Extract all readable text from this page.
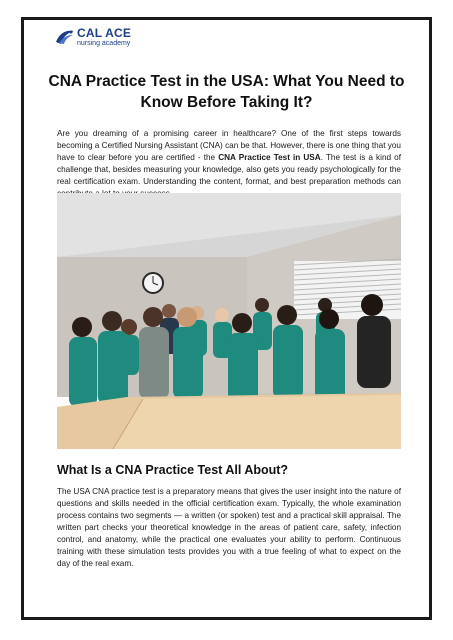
CAL ACE
nursing academy
CNA Practice Test in the USA: What You Need to Know Before Taking It?

Are you dreaming of a promising career in healthcare? One of the first steps towards becoming a Certified Nursing Assistant (CNA) can be that. However, there is one thing that you have to clear before you are certified - the CNA Practice Test in USA. The test is a kind of challenge that, besides measuring your knowledge, also gets you ready psychologically for the real certification exam. Understanding the content, format, and best preparation methods can

What Is a CNA Practice Test All About?

The USA CNA practice test is a preparatory means that gives the user insight into the nature of questions and skills needed in the official certification exam. Typically, the whole examination process contains two segments — a written (or spoken) test and a practical skill appraisal. The written part checks your theoretical knowledge in the areas of patient care, safety, infection control, and anatomy, while the practical one evaluates your ability to perform. Continuous training with these simulation tests provides you with a true feeling of what to expect on the day of the real exam.
